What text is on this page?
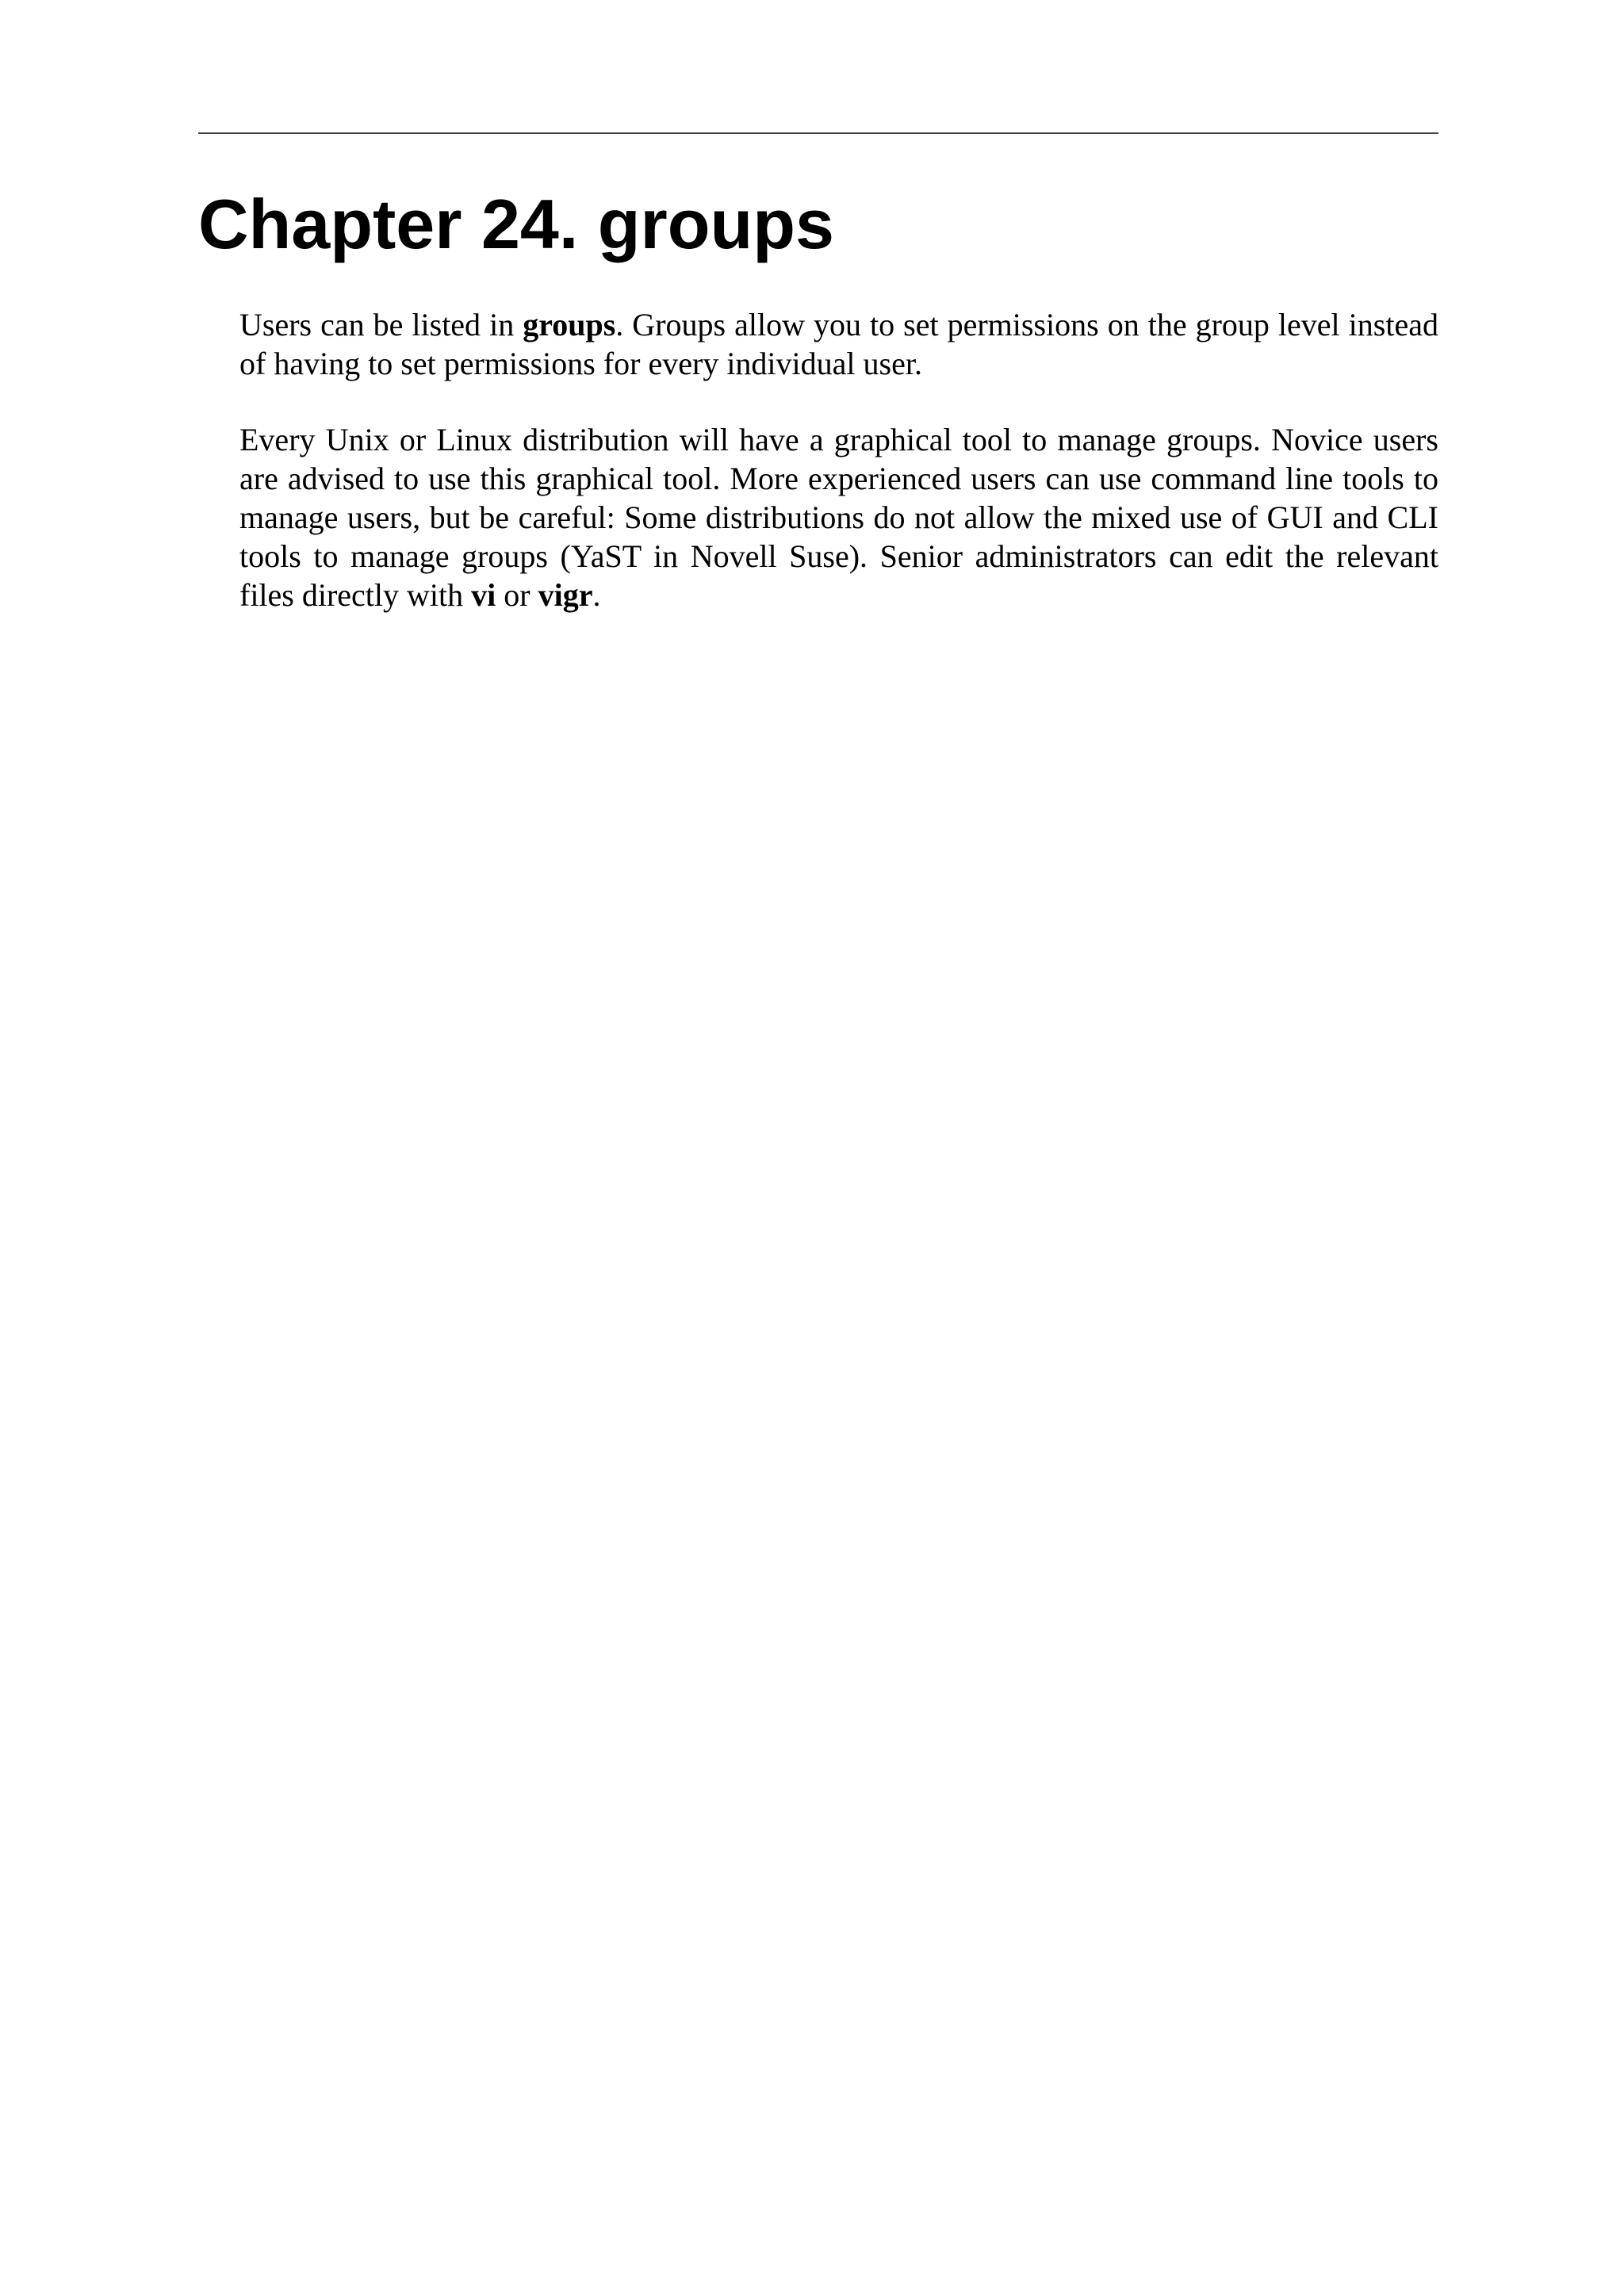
Chapter 24. groups

Users can be listed in groups. Groups allow you to set permissions on the group level instead of having to set permissions for every individual user.

Every Unix or Linux distribution will have a graphical tool to manage groups. Novice users are advised to use this graphical tool. More experienced users can use command line tools to manage users, but be careful: Some distributions do not allow the mixed use of GUI and CLI tools to manage groups (YaST in Novell Suse). Senior administrators can edit the relevant files directly with vi or vigr.
